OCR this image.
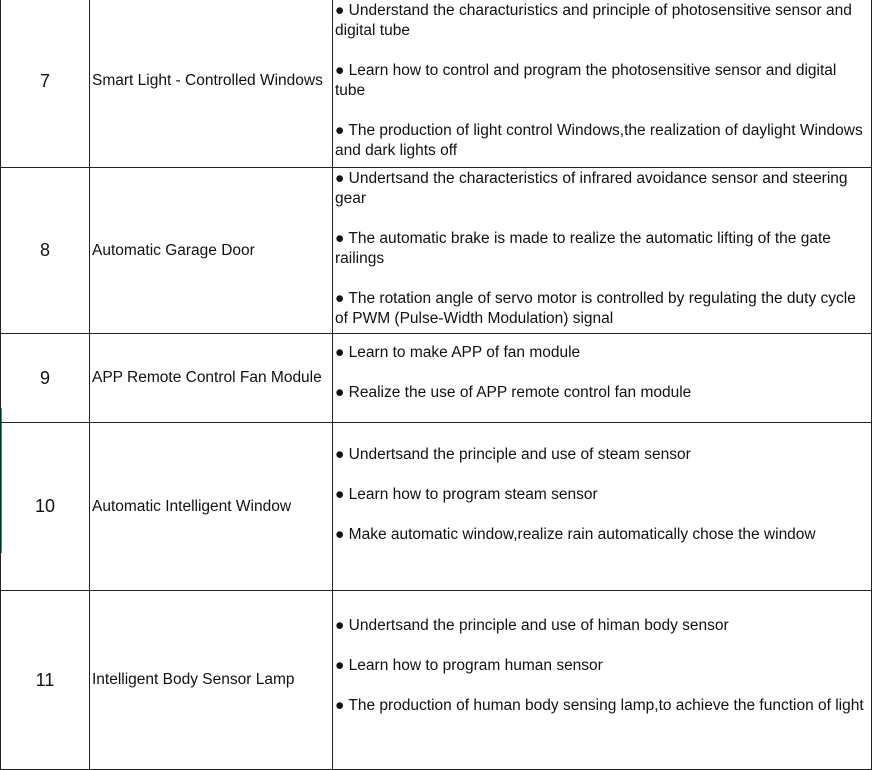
7	Smart Light - Controlled Windows	● Understand the characturistics and principle of photosensitive sensor and digital tube

● Learn how to control and program the photosensitive sensor and digital tube

● The production of light control Windows,the realization of daylight Windows and dark lights off

8	Automatic Garage Door	● Undertsand the characteristics of infrared avoidance sensor and steering gear

● The automatic brake is made to realize the automatic lifting of the gate railings

● The rotation angle of servo motor is controlled by regulating the duty cycle of PWM (Pulse-Width Modulation) signal

9	APP Remote Control Fan Module	● Learn to make APP of fan module

● Realize the use of APP remote control fan module

10	Automatic Intelligent Window	● Undertsand the principle and use of steam sensor

● Learn how to program steam sensor

● Make automatic window,realize rain automatically chose the window

11	Intelligent Body Sensor Lamp	● Undertsand the principle and use of himan body sensor

● Learn how to program human sensor

● The production of human body sensing lamp,to achieve the function of light
